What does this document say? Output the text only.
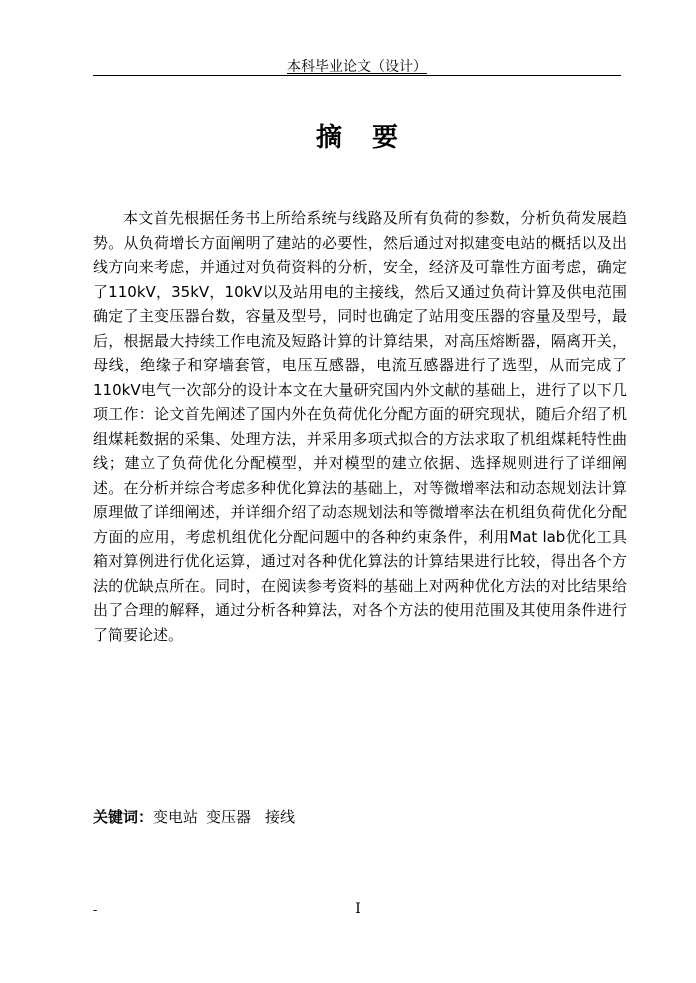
本科毕业论文（设计）
摘要

本文首先根据任务书上所给系统与线路及所有负荷的参数，分析负荷发展趋势。从负荷增长方面阐明了建站的必要性，然后通过对拟建变电站的概括以及出线方向来考虑，并通过对负荷资料的分析，安全，经济及可靠性方面考虑，确定了110kV，35kV，10kV以及站用电的主接线，然后又通过负荷计算及供电范围确定了主变压器台数，容量及型号，同时也确定了站用变压器的容量及型号，最后，根据最大持续工作电流及短路计算的计算结果，对高压熔断器，隔离开关，母线，绝缘子和穿墙套管，电压互感器，电流互感器进行了选型，从而完成了110kV电气一次部分的设计本文在大量研究国内外文献的基础上，进行了以下几项工作：论文首先阐述了国内外在负荷优化分配方面的研究现状，随后介绍了机组煤耗数据的采集、处理方法，并采用多项式拟合的方法求取了机组煤耗特性曲线；建立了负荷优化分配模型，并对模型的建立依据、选择规则进行了详细阐述。在分析并综合考虑多种优化算法的基础上，对等微增率法和动态规划法计算原理做了详细阐述，并详细介绍了动态规划法和等微增率法在机组负荷优化分配方面的应用，考虑机组优化分配问题中的各种约束条件，利用Mat lab优化工具箱对算例进行优化运算，通过对各种优化算法的计算结果进行比较，得出各个方法的优缺点所在。同时，在阅读参考资料的基础上对两种优化方法的对比结果给出了合理的解释，通过分析各种算法，对各个方法的使用范围及其使用条件进行了简要论述。

关键词：变电站 变压器 接线
-	I
